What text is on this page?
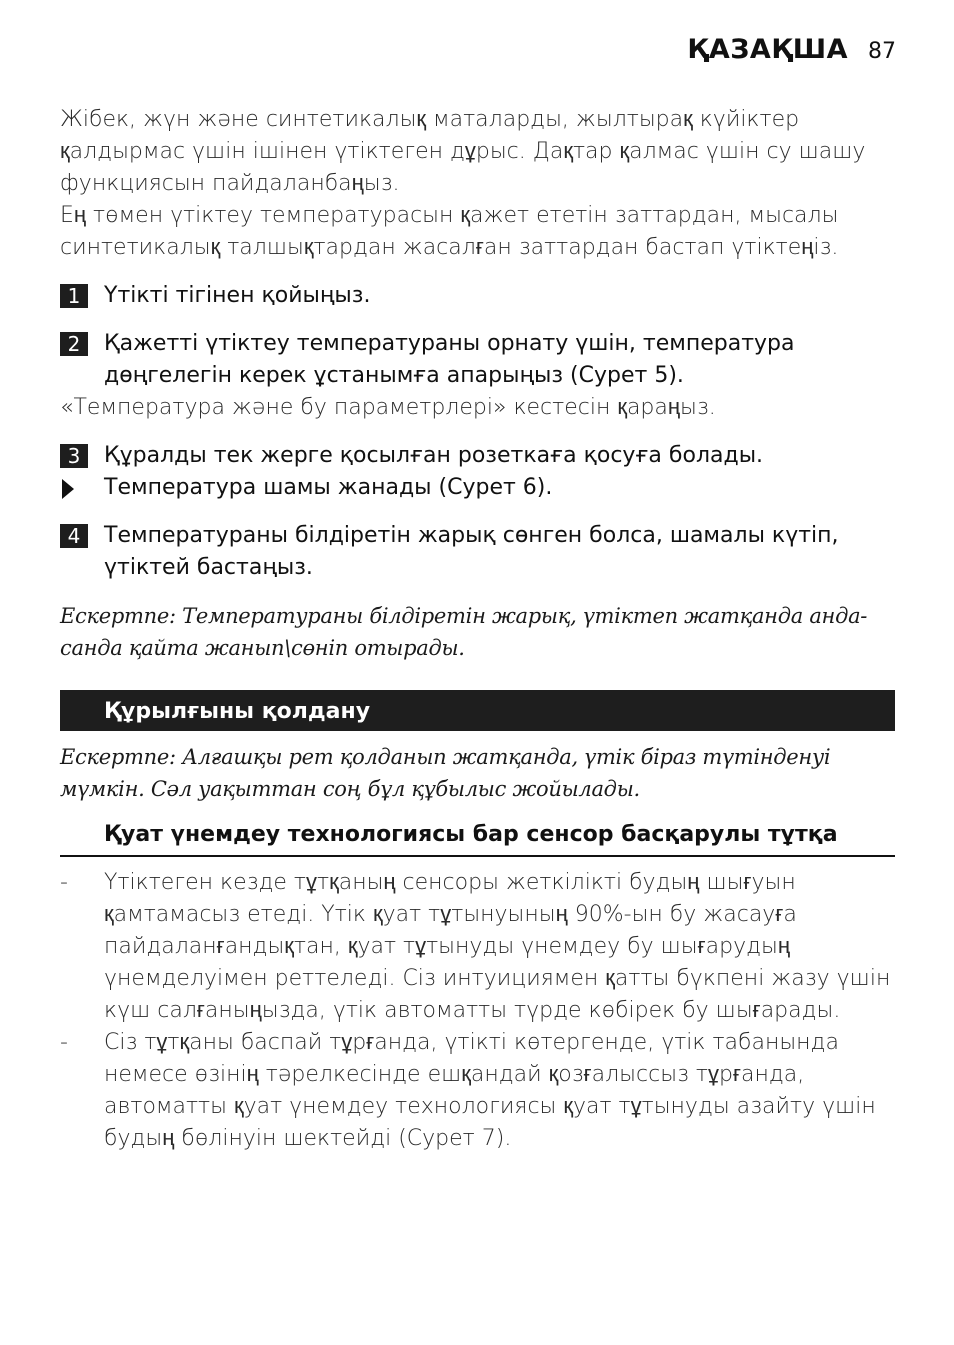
ҚАЗАҚША 87

Жібек, жүн және синтетикалық маталарды, жылтырақ күйіктер қалдырмас үшін ішінен үтіктеген дұрыс. Дақтар қалмас үшін су шашу функциясын пайдаланбаңыз.

Ең төмен үтіктеу температурасын қажет ететін заттардан, мысалы синтетикалық талшықтардан жасалған заттардан бастап үтіктеңіз.

1	Үтікті тігінен қойыңыз.
2	Қажетті үтіктеу температураны орнату үшін, температура дөңгелегін керек ұстанымға апарыңыз (Сурет 5).

«Температура және бу параметрлері» кестесін қараңыз.

3	Құралды тек жерге қосылған розеткаға қосуға болады.
Температура шамы жанады (Сурет 6).
4	Температураны білдіретін жарық сөнген болса, шамалы күтіп, үтіктей бастаңыз.

Ескертпе: Температураны білдіретін жарық, үтіктеп жатқанда анда-санда қайта жанып\сөніп отырады.

Құрылғыны қолдану

Ескертпе: Алғашқы рет қолданып жатқанда, үтік біраз түтінденуі мүмкін. Сәл уақыттан соң бұл құбылыс жойылады.

Қуат үнемдеу технологиясы бар сенсор басқарулы тұтқа
-	Үтіктеген кезде тұтқаның сенсоры жеткілікті будың шығуын қамтамасыз етеді. Үтік қуат тұтынуының 90%-ын бу жасауға пайдаланғандықтан, қуат тұтынуды үнемдеу бу шығарудың үнемделуімен реттеледі. Сіз интуициямен қатты бүкпені жазу үшін күш салғаныңызда, үтік автоматты түрде көбірек бу шығарады.
-	Сіз тұтқаны баспай тұрғанда, үтікті көтергенде, үтік табанында немесе өзінің тәрелкесінде ешқандай қозғалыссыз тұрғанда, автоматты қуат үнемдеу технологиясы қуат тұтынуды азайту үшін будың бөлінуін шектейді (Сурет 7).
